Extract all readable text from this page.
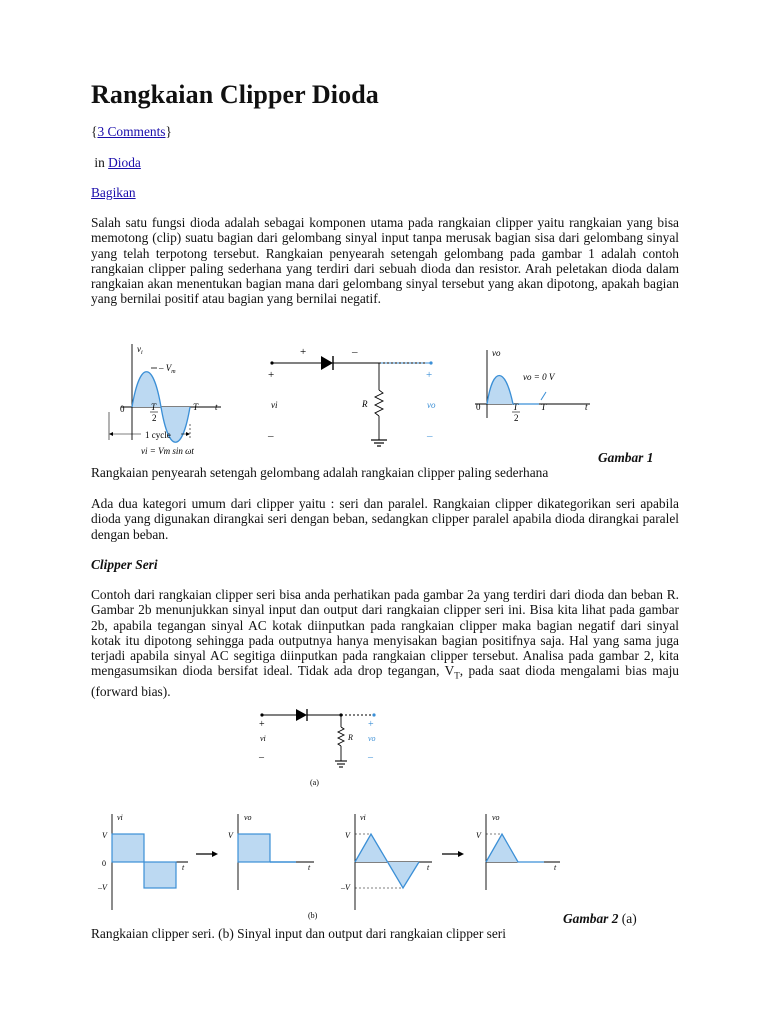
Rangkaian Clipper Dioda
{3 Comments}
in Dioda
Bagikan

Salah satu fungsi dioda adalah sebagai komponen utama pada rangkaian clipper yaitu rangkaian yang bisa memotong (clip) suatu bagian dari gelombang sinyal input tanpa merusak bagian sisa dari gelombang sinyal yang telah terpotong tersebut. Rangkaian penyearah setengah gelombang pada gambar 1 adalah contoh rangkaian clipper paling sederhana yang terdiri dari sebuah dioda dan resistor. Arah peletakan dioda dalam rangkaian akan menentukan bagian mana dari gelombang sinyal tersebut yang akan dipotong, apakah bagian yang bernilai positif atau bagian yang bernilai negatif.

$v_i$
– $V_m$
0	T
2
T t
1 cycle
vi = Vm sin ωt
+	–
+
vi
–
R
+
vo
–
vo
vo = 0 V
0	T
2
T	t
Gambar 1
Rangkaian penyearah setengah gelombang adalah rangkaian clipper paling sederhana

Ada dua kategori umum dari clipper yaitu : seri dan paralel. Rangkaian clipper dikategorikan seri apabila dioda yang digunakan dirangkai seri dengan beban, sedangkan clipper paralel apabila dioda dirangkai paralel dengan beban.

Clipper Seri

Contoh dari rangkaian clipper seri bisa anda perhatikan pada gambar 2a yang terdiri dari dioda dan beban R. Gambar 2b menunjukkan sinyal input dan output dari rangkaian clipper seri ini. Bisa kita lihat pada gambar 2b, apabila tegangan sinyal AC kotak diinputkan pada rangkaian clipper maka bagian negatif dari sinyal kotak itu dipotong sehingga pada outputnya hanya menyisakan bagian positifnya saja. Hal yang sama juga terjadi apabila sinyal AC segitiga diinputkan pada rangkaian clipper tersebut. Analisa pada gambar 2, kita mengasumsikan dioda bersifat ideal. Tidak ada drop tegangan, $V_T$, pada saat dioda mengalami bias maju (forward bias).

+
vi
–
R
+
vo
–
(a)
vi
V
0
–V
t
vo
V
t
vi
V
–V
t
vo
V
t
(b)	Gambar 2 (a)
Rangkaian clipper seri. (b) Sinyal input dan output dari rangkaian clipper seri
